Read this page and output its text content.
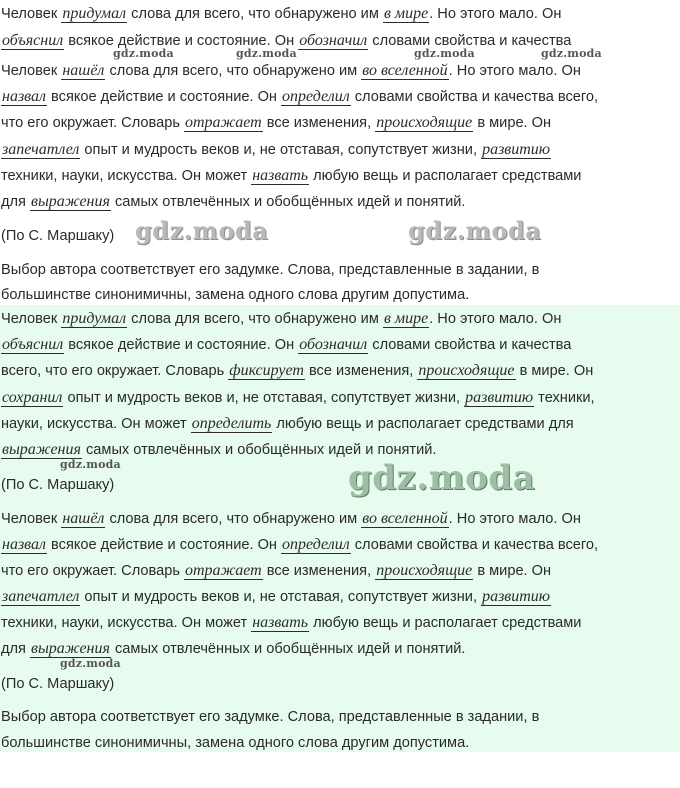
Человек придумал слова для всего, что обнаружено им в мире. Но этого мало. Он
объяснил всякое действие и состояние. Он обозначил словами свойства и качества
Человек нашёл слова для всего, что обнаружено им во вселенной. Но этого мало. Он
назвал всякое действие и состояние. Он определил словами свойства и качества всего,
что его окружает. Словарь отражает все изменения, происходящие в мире. Он
запечатлел опыт и мудрость веков и, не отставая, сопутствует жизни, развитию
техники, науки, искусства. Он может назвать любую вещь и располагает средствами
для выражения самых отвлечённых и обобщённых идей и понятий.
(По С. Маршаку)
Выбор автора соответствует его задумке. Слова, представленные в задании, в
большинстве синонимичны, замена одного слова другим допустима.
Человек придумал слова для всего, что обнаружено им в мире. Но этого мало. Он
объяснил всякое действие и состояние. Он обозначил словами свойства и качества
всего, что его окружает. Словарь фиксирует все изменения, происходящие в мире. Он
сохранил опыт и мудрость веков и, не отставая, сопутствует жизни, развитию техники,
науки, искусства. Он может определить любую вещь и располагает средствами для
выражения самых отвлечённых и обобщённых идей и понятий.
(По С. Маршаку)
Человек нашёл слова для всего, что обнаружено им во вселенной. Но этого мало. Он
назвал всякое действие и состояние. Он определил словами свойства и качества всего,
что его окружает. Словарь отражает все изменения, происходящие в мире. Он
запечатлел опыт и мудрость веков и, не отставая, сопутствует жизни, развитию
техники, науки, искусства. Он может назвать любую вещь и располагает средствами
для выражения самых отвлечённых и обобщённых идей и понятий.
(По С. Маршаку)
Выбор автора соответствует его задумке. Слова, представленные в задании, в
большинстве синонимичны, замена одного слова другим допустима.
gdz.moda	gdz.moda	gdz.moda	gdz.moda
gdz.moda	gdz.moda
gdz.moda	gdz.moda
gdz.moda
